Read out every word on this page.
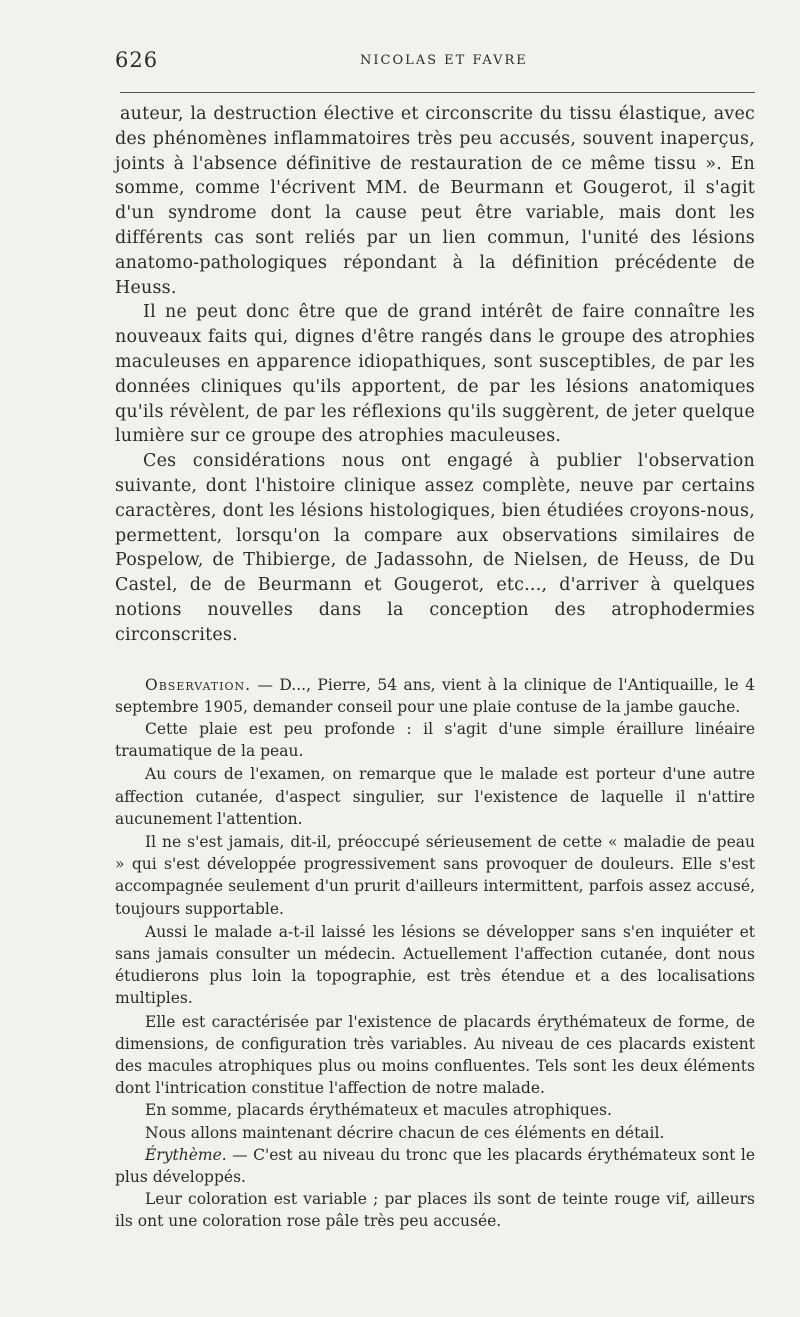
626	NICOLAS ET FAVRE

auteur, la destruction élective et circonscrite du tissu élastique, avec des phénomènes inflammatoires très peu accusés, souvent inaperçus, joints à l'absence définitive de restauration de ce même tissu ». En somme, comme l'écrivent MM. de Beurmann et Gougerot, il s'agit d'un syndrome dont la cause peut être variable, mais dont les différents cas sont reliés par un lien commun, l'unité des lésions anatomo-pathologiques répondant à la définition précédente de Heuss.

Il ne peut donc être que de grand intérêt de faire connaître les nouveaux faits qui, dignes d'être rangés dans le groupe des atrophies maculeuses en apparence idiopathiques, sont susceptibles, de par les données cliniques qu'ils apportent, de par les lésions anatomiques qu'ils révèlent, de par les réflexions qu'ils suggèrent, de jeter quelque lumière sur ce groupe des atrophies maculeuses.

Ces considérations nous ont engagé à publier l'observation suivante, dont l'histoire clinique assez complète, neuve par certains caractères, dont les lésions histologiques, bien étudiées croyons-nous, permettent, lorsqu'on la compare aux observations similaires de Pospelow, de Thibierge, de Jadassohn, de Nielsen, de Heuss, de Du Castel, de de Beurmann et Gougerot, etc..., d'arriver à quelques notions nouvelles dans la conception des atrophodermies circonscrites.

Observation. — D..., Pierre, 54 ans, vient à la clinique de l'Antiquaille, le 4 septembre 1905, demander conseil pour une plaie contuse de la jambe gauche.

Cette plaie est peu profonde : il s'agit d'une simple éraillure linéaire traumatique de la peau.

Au cours de l'examen, on remarque que le malade est porteur d'une autre affection cutanée, d'aspect singulier, sur l'existence de laquelle il n'attire aucunement l'attention.

Il ne s'est jamais, dit-il, préoccupé sérieusement de cette « maladie de peau » qui s'est développée progressivement sans provoquer de douleurs. Elle s'est accompagnée seulement d'un prurit d'ailleurs intermittent, parfois assez accusé, toujours supportable.

Aussi le malade a-t-il laissé les lésions se développer sans s'en inquiéter et sans jamais consulter un médecin. Actuellement l'affection cutanée, dont nous étudierons plus loin la topographie, est très étendue et a des localisations multiples.

Elle est caractérisée par l'existence de placards érythémateux de forme, de dimensions, de configuration très variables. Au niveau de ces placards existent des macules atrophiques plus ou moins confluentes. Tels sont les deux éléments dont l'intrication constitue l'affection de notre malade.

En somme, placards érythémateux et macules atrophiques.

Nous allons maintenant décrire chacun de ces éléments en détail.

Érythème. — C'est au niveau du tronc que les placards érythémateux sont le plus développés.

Leur coloration est variable ; par places ils sont de teinte rouge vif, ailleurs ils ont une coloration rose pâle très peu accusée.
